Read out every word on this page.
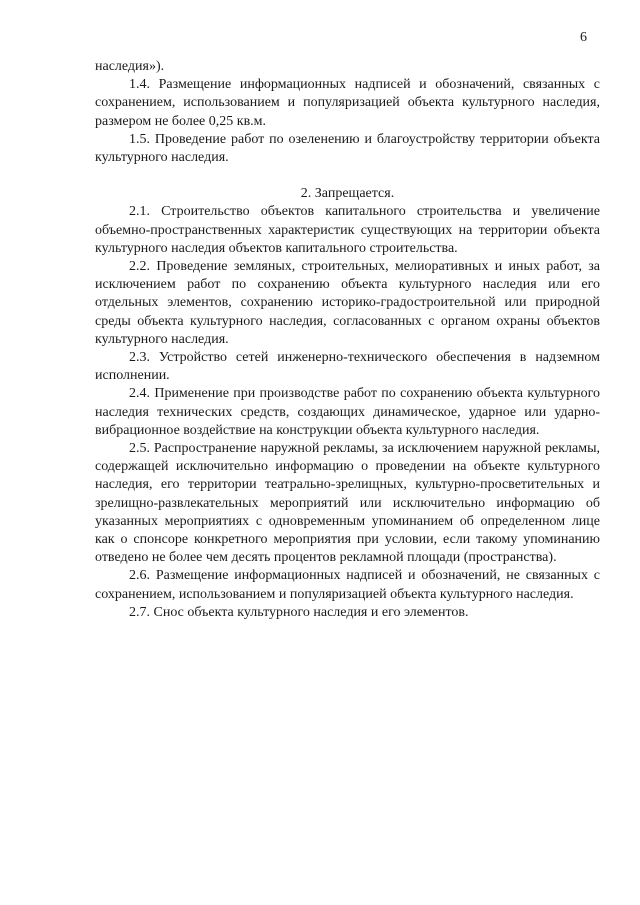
6

наследия»).

1.4. Размещение информационных надписей и обозначений, связанных с сохранением, использованием и популяризацией объекта культурного наследия, размером не более 0,25 кв.м.

1.5. Проведение работ по озеленению и благоустройству территории объекта культурного наследия.

2. Запрещается.

2.1. Строительство объектов капитального строительства и увеличение объемно-пространственных характеристик существующих на территории объекта культурного наследия объектов капитального строительства.

2.2. Проведение земляных, строительных, мелиоративных и иных работ, за исключением работ по сохранению объекта культурного наследия или его отдельных элементов, сохранению историко-градостроительной или природной среды объекта культурного наследия, согласованных с органом охраны объектов культурного наследия.

2.3. Устройство сетей инженерно-технического обеспечения в надземном исполнении.

2.4. Применение при производстве работ по сохранению объекта культурного наследия технических средств, создающих динамическое, ударное или ударно-вибрационное воздействие на конструкции объекта культурного наследия.

2.5. Распространение наружной рекламы, за исключением наружной рекламы, содержащей исключительно информацию о проведении на объекте культурного наследия, его территории театрально-зрелищных, культурно-просветительных и зрелищно-развлекательных мероприятий или исключительно информацию об указанных мероприятиях с одновременным упоминанием об определенном лице как о спонсоре конкретного мероприятия при условии, если такому упоминанию отведено не более чем десять процентов рекламной площади (пространства).

2.6. Размещение информационных надписей и обозначений, не связанных с сохранением, использованием и популяризацией объекта культурного наследия.

2.7. Снос объекта культурного наследия и его элементов.
